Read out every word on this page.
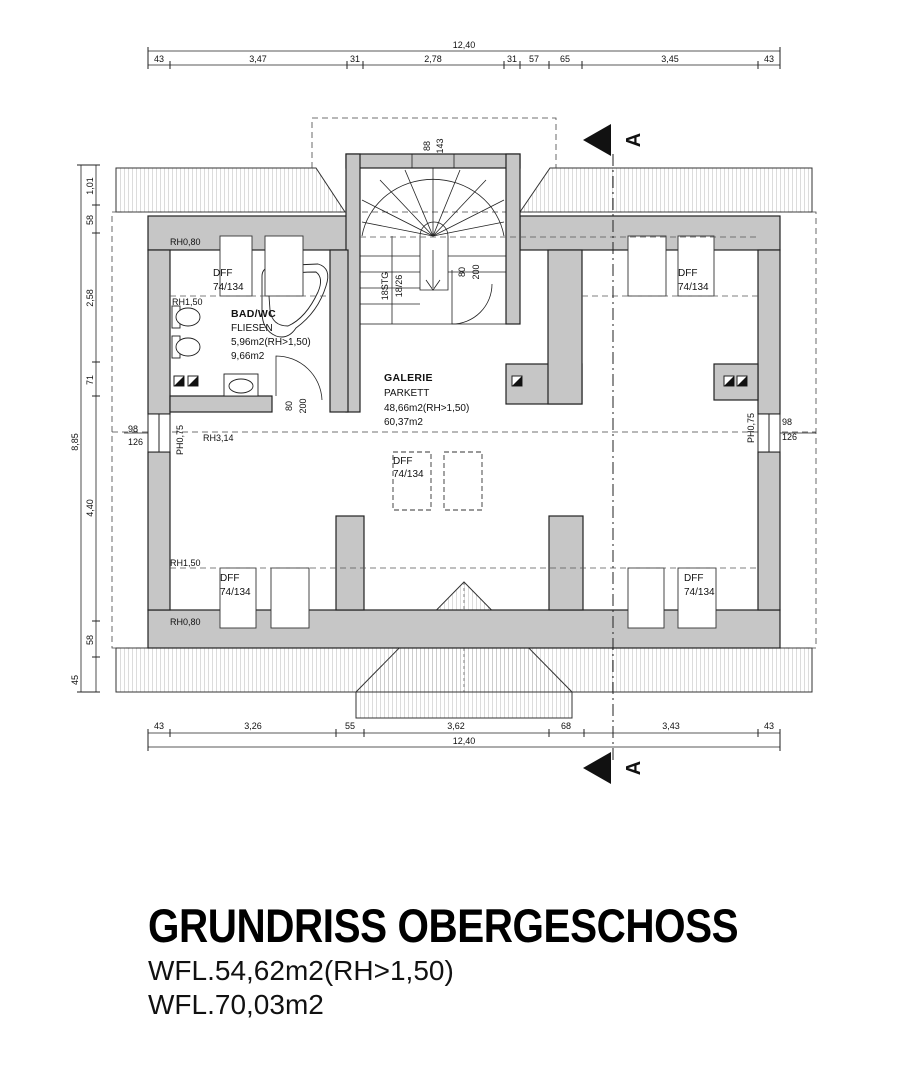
12,40
43	3,47	31	2,78	31 57 65	3,45	43
43	3,26	55	3,62	68	3,43	43
12,40
8,85
1,01
58
2,58
71
4,40
58
45
88 143
18STG 18/26
80 200
80 200
A
A
RH0,80
RH0,80
RH1,50
RH1,50
RH3,14
PH0,75	PH0,75
98
126
98
126
DFF
74/134
DFF
74/134
DFF
74/134
DFF
74/134
DFF
74/134
BAD/WC
FLIESEN
5,96m2(RH>1,50)
9,66m2
GALERIE
PARKETT
48,66m2(RH>1,50)
60,37m2
GRUNDRISS OBERGESCHOSS
WFL.54,62m2(RH>1,50)
WFL.70,03m2
